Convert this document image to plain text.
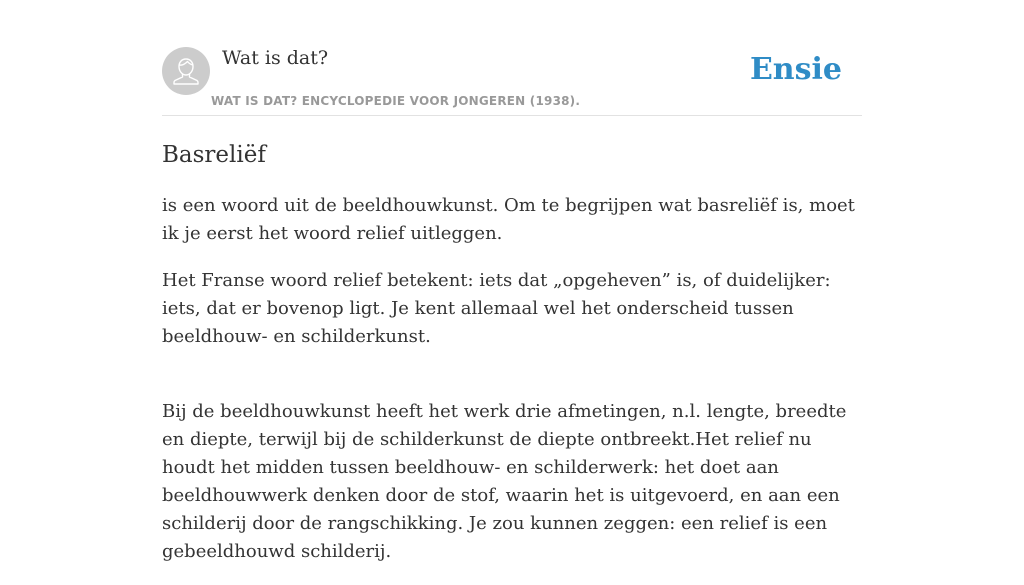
Wat is dat?
WAT IS DAT? ENCYCLOPEDIE VOOR JONGEREN (1938).
Ensie
Basreliëf

is een woord uit de beeldhouwkunst. Om te begrijpen wat basreliëf is, moet ik je eerst het woord relief uitleggen.

Het Franse woord relief betekent: iets dat „opgeheven” is, of duidelijker: iets, dat er bovenop ligt. Je kent allemaal wel het onderscheid tussen beeldhouw- en schilderkunst.

Bij de beeldhouwkunst heeft het werk drie afmetingen, n.l. lengte, breedte en diepte, terwijl bij de schilderkunst de diepte ontbreekt.Het relief nu houdt het midden tussen beeldhouw- en schilderwerk: het doet aan beeldhouwwerk denken door de stof, waarin het is uitgevoerd, en aan een schilderij door de rangschikking. Je zou kunnen zeggen: een relief is een gebeeldhouwd schilderij.
